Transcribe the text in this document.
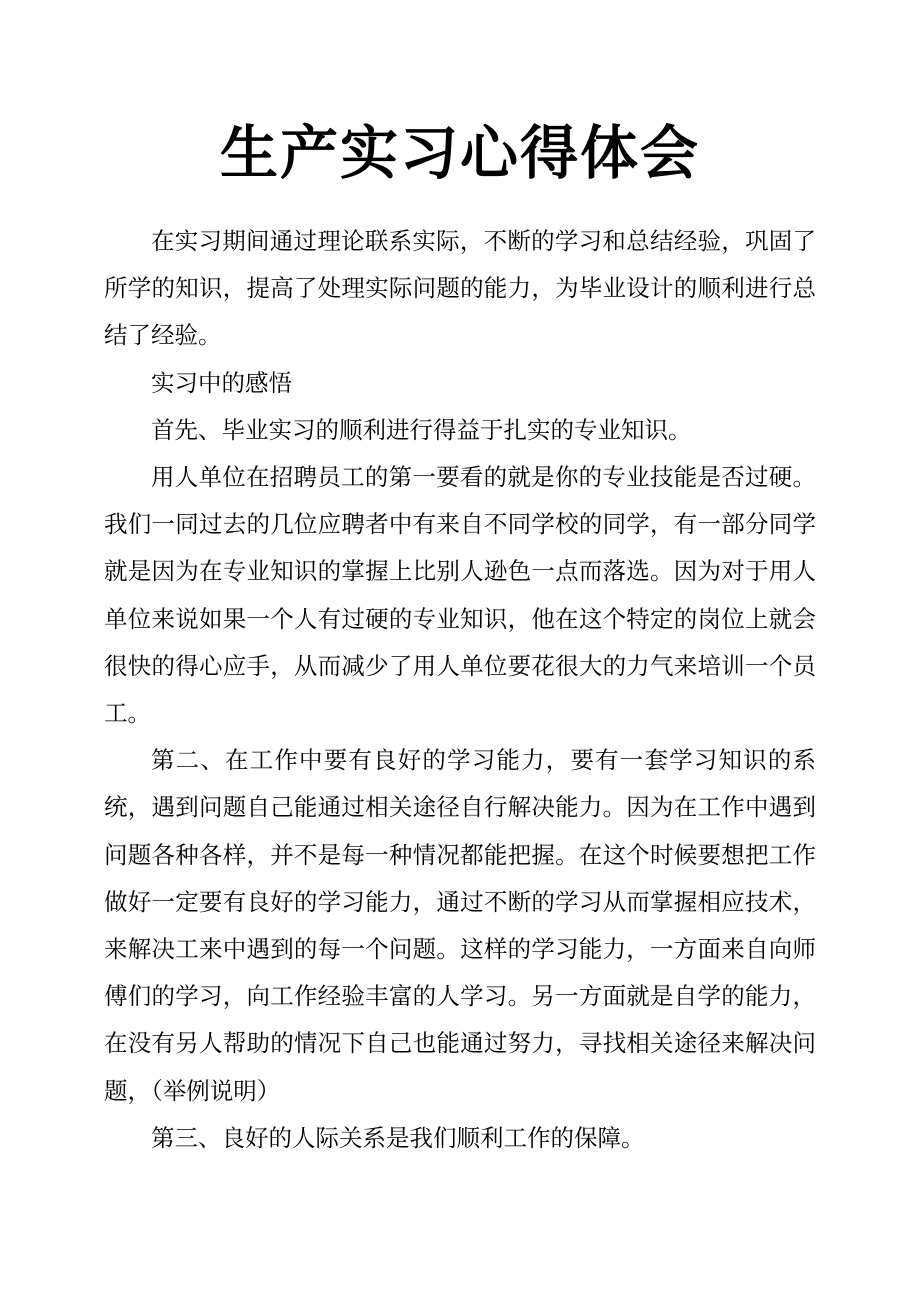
生产实习心得体会

在实习期间通过理论联系实际，不断的学习和总结经验，巩固了所学的知识，提高了处理实际问题的能力，为毕业设计的顺利进行总结了经验。

实习中的感悟

首先、毕业实习的顺利进行得益于扎实的专业知识。

用人单位在招聘员工的第一要看的就是你的专业技能是否过硬。我们一同过去的几位应聘者中有来自不同学校的同学，有一部分同学就是因为在专业知识的掌握上比别人逊色一点而落选。因为对于用人单位来说如果一个人有过硬的专业知识，他在这个特定的岗位上就会很快的得心应手，从而减少了用人单位要花很大的力气来培训一个员工。

第二、在工作中要有良好的学习能力，要有一套学习知识的系统，遇到问题自己能通过相关途径自行解决能力。因为在工作中遇到问题各种各样，并不是每一种情况都能把握。在这个时候要想把工作做好一定要有良好的学习能力，通过不断的学习从而掌握相应技术，来解决工来中遇到的每一个问题。这样的学习能力，一方面来自向师傅们的学习，向工作经验丰富的人学习。另一方面就是自学的能力，在没有另人帮助的情况下自己也能通过努力，寻找相关途径来解决问题，（举例说明）

第三、良好的人际关系是我们顺利工作的保障。
